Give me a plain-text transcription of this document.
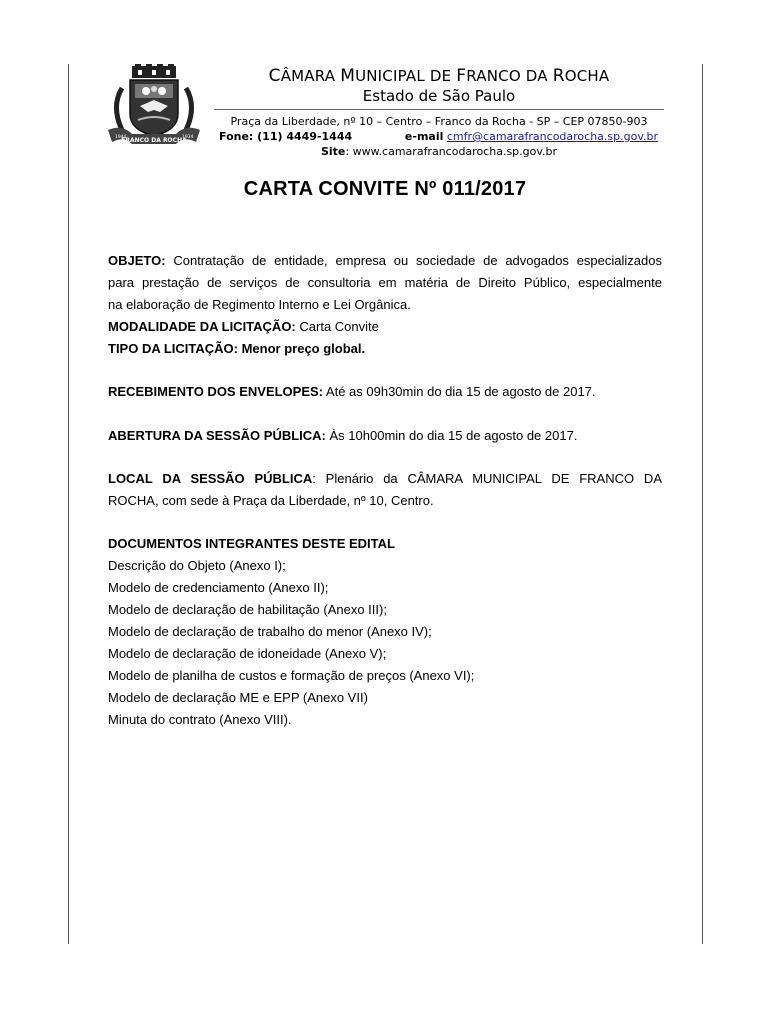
FRANCO DA ROCHA
1944	1934
CÂMARA MUNICIPAL DE FRANCO DA ROCHA
Estado de São Paulo
Praça da Liberdade, nº 10 – Centro – Franco da Rocha - SP – CEP 07850-903
Fone: (11) 4449-1444	e-mail cmfr@camarafrancodarocha.sp.gov.br
Site: www.camarafrancodarocha.sp.gov.br
CARTA CONVITE Nº 011/2017
OBJETO: Contratação de entidade, empresa ou sociedade de advogados especializados
para prestação de serviços de consultoria em matéria de Direito Público, especialmente
na elaboração de Regimento Interno e Lei Orgânica.
MODALIDADE DA LICITAÇÃO: Carta Convite
TIPO DA LICITAÇÃO: Menor preço global.
RECEBIMENTO DOS ENVELOPES: Até as 09h30min do dia 15 de agosto de 2017.
ABERTURA DA SESSÃO PÚBLICA: Às 10h00min do dia 15 de agosto de 2017.
LOCAL DA SESSÃO PÚBLICA: Plenário da CÂMARA MUNICIPAL DE FRANCO DA
ROCHA, com sede à Praça da Liberdade, nº 10, Centro.
DOCUMENTOS INTEGRANTES DESTE EDITAL
Descrição do Objeto (Anexo I);
Modelo de credenciamento (Anexo II);
Modelo de declaração de habilitação (Anexo III);
Modelo de declaração de trabalho do menor (Anexo IV);
Modelo de declaração de idoneidade (Anexo V);
Modelo de planilha de custos e formação de preços (Anexo VI);
Modelo de declaração ME e EPP (Anexo VII)
Minuta do contrato (Anexo VIII).
